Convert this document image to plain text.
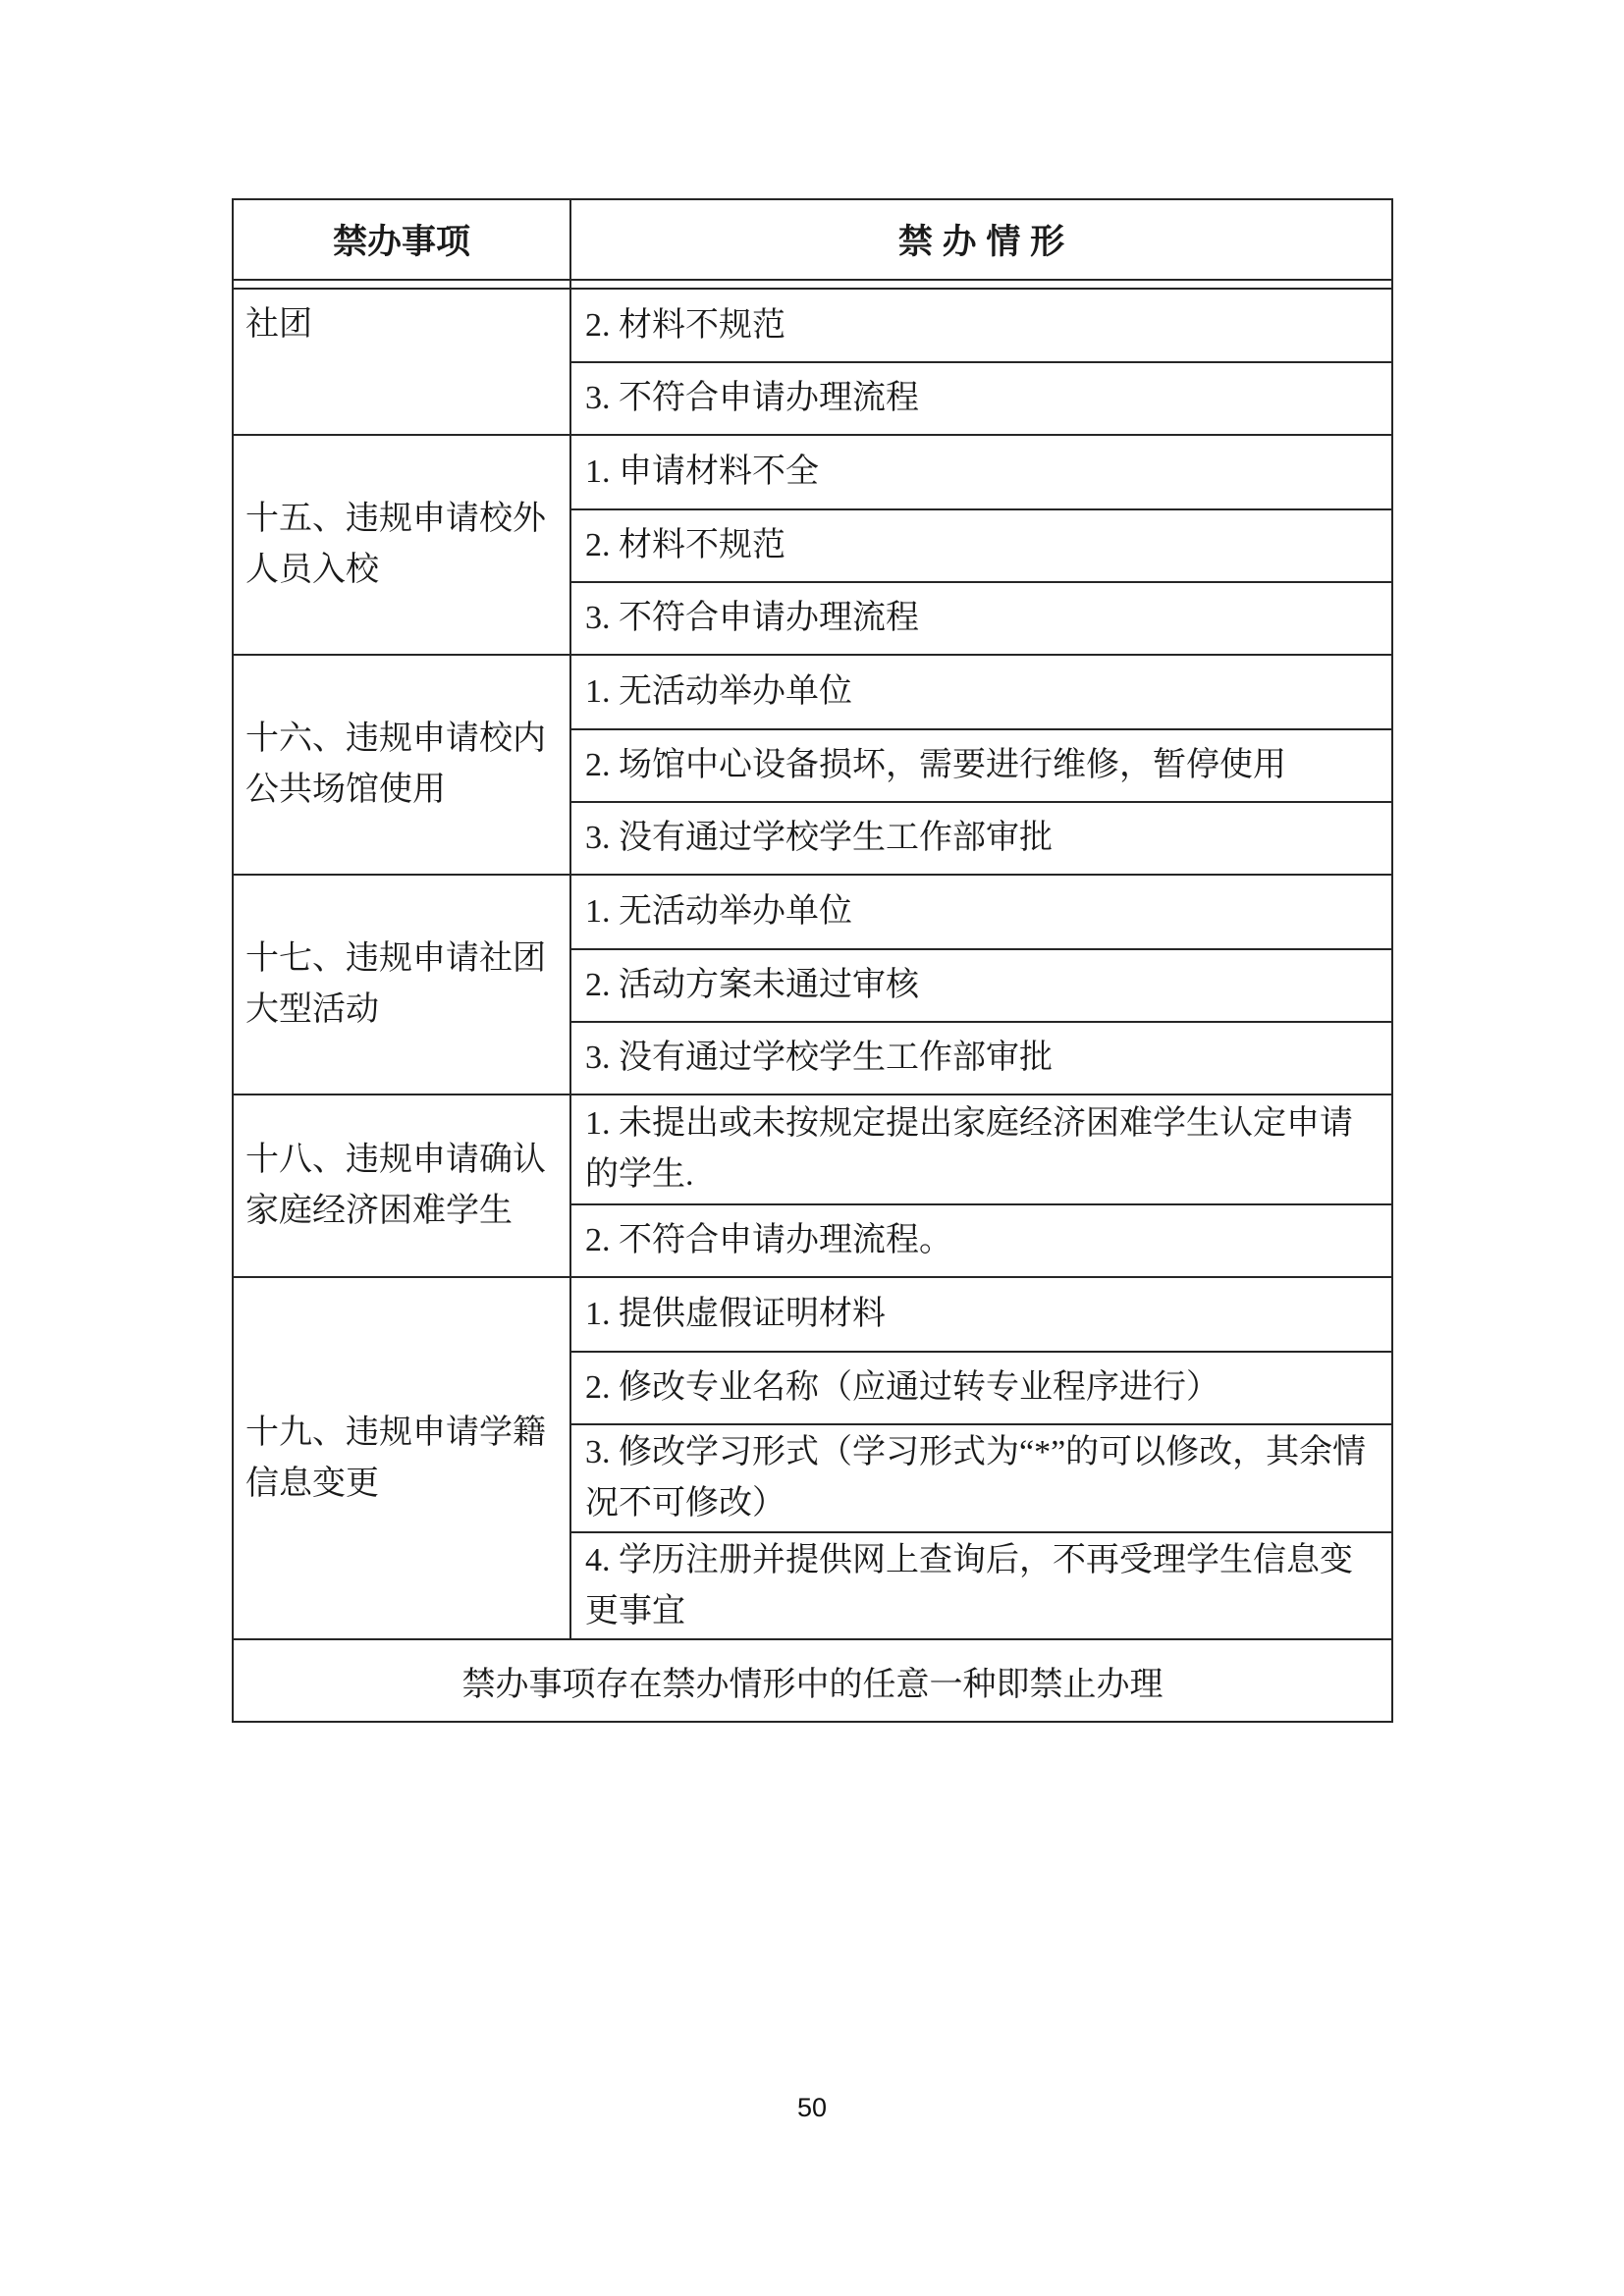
禁办事项	禁 办 情 形
社团	2. 材料不规范
3. 不符合申请办理流程
十五、违规申请校外人员入校
1. 申请材料不全
2. 材料不规范
3. 不符合申请办理流程
十六、违规申请校内公共场馆使用
1. 无活动举办单位
2. 场馆中心设备损坏，需要进行维修，暂停使用
3. 没有通过学校学生工作部审批
十七、违规申请社团大型活动
1. 无活动举办单位
2. 活动方案未通过审核
3. 没有通过学校学生工作部审批
十八、违规申请确认家庭经济困难学生
1. 未提出或未按规定提出家庭经济困难学生认定申请的学生.
2. 不符合申请办理流程。
十九、违规申请学籍信息变更
1. 提供虚假证明材料
2. 修改专业名称（应通过转专业程序进行）
3. 修改学习形式（学习形式为“*”的可以修改，其余情况不可修改）
4. 学历注册并提供网上查询后，不再受理学生信息变更事宜
禁办事项存在禁办情形中的任意一种即禁止办理
50
